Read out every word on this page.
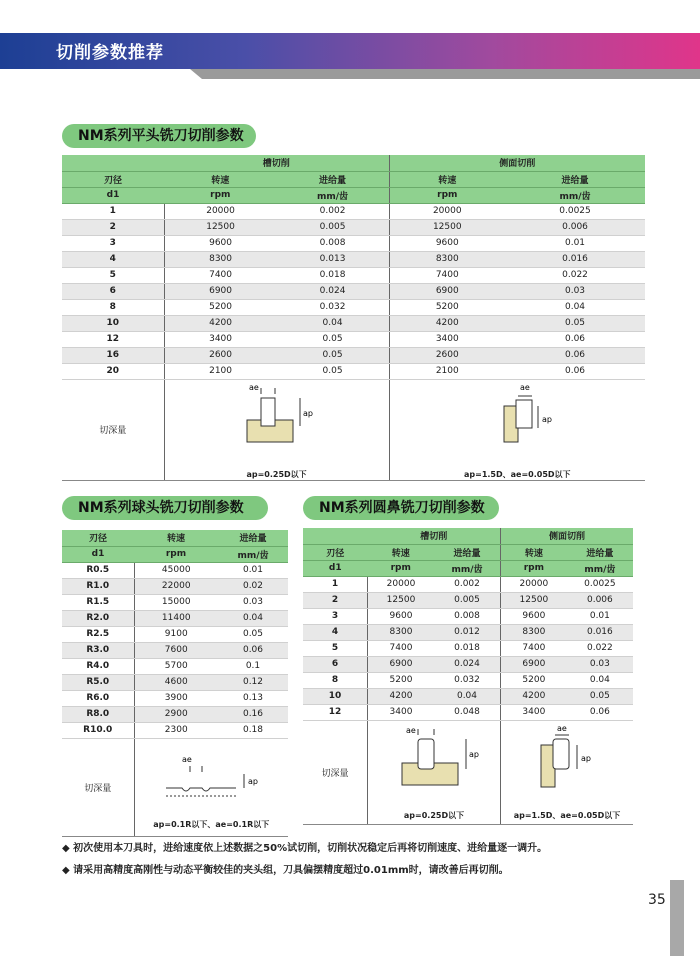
切削参数推荐
NM系列平头铣刀切削参数
	槽切削		侧面切削	
刃径	转速	进给量	转速	进给量
d1	rpm	mm/齿	rpm	mm/齿
1	20000	0.002	20000	0.0025
2	12500	0.005	12500	0.006
3	9600	0.008	9600	0.01
4	8300	0.013	8300	0.016
5	7400	0.018	7400	0.022
6	6900	0.024	6900	0.03
8	5200	0.032	5200	0.04
10	4200	0.04	4200	0.05
12	3400	0.05	3400	0.06
16	2600	0.05	2600	0.06
20	2100	0.05	2100	0.06
切深量	ae
ap
ap=0.25D以下		ae
ap
ap=1.5D、ae=0.05D以下	
NM系列球头铣刀切削参数
刃径	转速	进给量
d1	rpm	mm/齿
R0.5	45000	0.01
R1.0	22000	0.02
R1.5	15000	0.03
R2.0	11400	0.04
R2.5	9100	0.05
R3.0	7600	0.06
R4.0	5700	0.1
R5.0	4600	0.12
R6.0	3900	0.13
R8.0	2900	0.16
R10.0	2300	0.18
切深量	ae
ap
ap=0.1R以下、ae=0.1R以下	
NM系列圆鼻铣刀切削参数
	槽切削		侧面切削	
刃径	转速	进给量	转速	进给量
d1	rpm	mm/齿	rpm	mm/齿
1	20000	0.002	20000	0.0025
2	12500	0.005	12500	0.006
3	9600	0.008	9600	0.01
4	8300	0.012	8300	0.016
5	7400	0.018	7400	0.022
6	6900	0.024	6900	0.03
8	5200	0.032	5200	0.04
10	4200	0.04	4200	0.05
12	3400	0.048	3400	0.06
切深量	ae
ap
ap=0.25D以下		ae
ap
ap=1.5D、ae=0.05D以下	
◆ 初次使用本刀具时，进给速度依上述数据之50%试切削，切削状况稳定后再将切削速度、进给量逐一调升。
◆ 请采用高精度高刚性与动态平衡较佳的夹头组，刀具偏摆精度超过0.01mm时，请改善后再切削。
35
